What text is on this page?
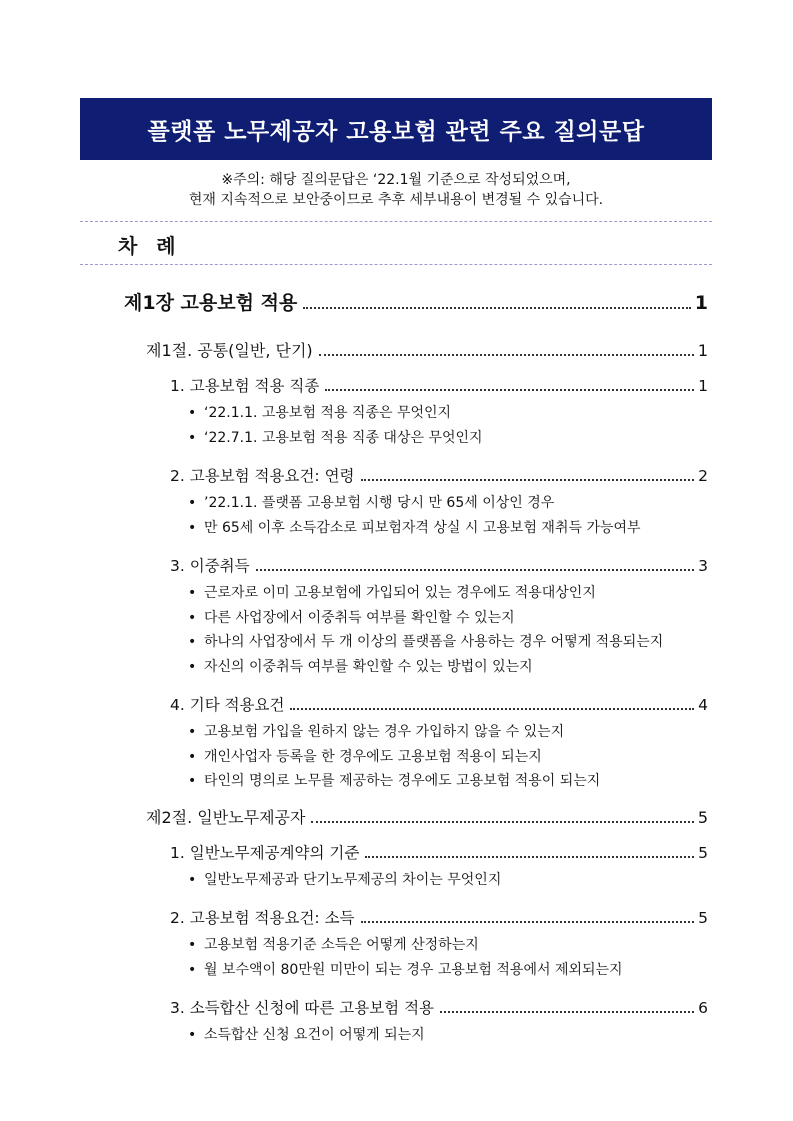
플랫폼 노무제공자 고용보험 관련 주요 질의문답
※주의: 해당 질의문답은 ‘22.1월 기준으로 작성되었으며,
현재 지속적으로 보안중이므로 추후 세부내용이 변경될 수 있습니다.
차 례
제1장 고용보험 적용	1
제1절. 공통(일반, 단기)	1
1. 고용보험 적용 직종	1
• ‘22.1.1. 고용보험 적용 직종은 무엇인지
• ‘22.7.1. 고용보험 적용 직종 대상은 무엇인지
2. 고용보험 적용요건: 연령	2
• ’22.1.1. 플랫폼 고용보험 시행 당시 만 65세 이상인 경우
• 만 65세 이후 소득감소로 피보험자격 상실 시 고용보험 재취득 가능여부
3. 이중취득	3
• 근로자로 이미 고용보험에 가입되어 있는 경우에도 적용대상인지
• 다른 사업장에서 이중취득 여부를 확인할 수 있는지
• 하나의 사업장에서 두 개 이상의 플랫폼을 사용하는 경우 어떻게 적용되는지
• 자신의 이중취득 여부를 확인할 수 있는 방법이 있는지
4. 기타 적용요건	4
• 고용보험 가입을 원하지 않는 경우 가입하지 않을 수 있는지
• 개인사업자 등록을 한 경우에도 고용보험 적용이 되는지
• 타인의 명의로 노무를 제공하는 경우에도 고용보험 적용이 되는지
제2절. 일반노무제공자	5
1. 일반노무제공계약의 기준	5
• 일반노무제공과 단기노무제공의 차이는 무엇인지
2. 고용보험 적용요건: 소득	5
• 고용보험 적용기준 소득은 어떻게 산정하는지
• 월 보수액이 80만원 미만이 되는 경우 고용보험 적용에서 제외되는지
3. 소득합산 신청에 따른 고용보험 적용	6
• 소득합산 신청 요건이 어떻게 되는지
